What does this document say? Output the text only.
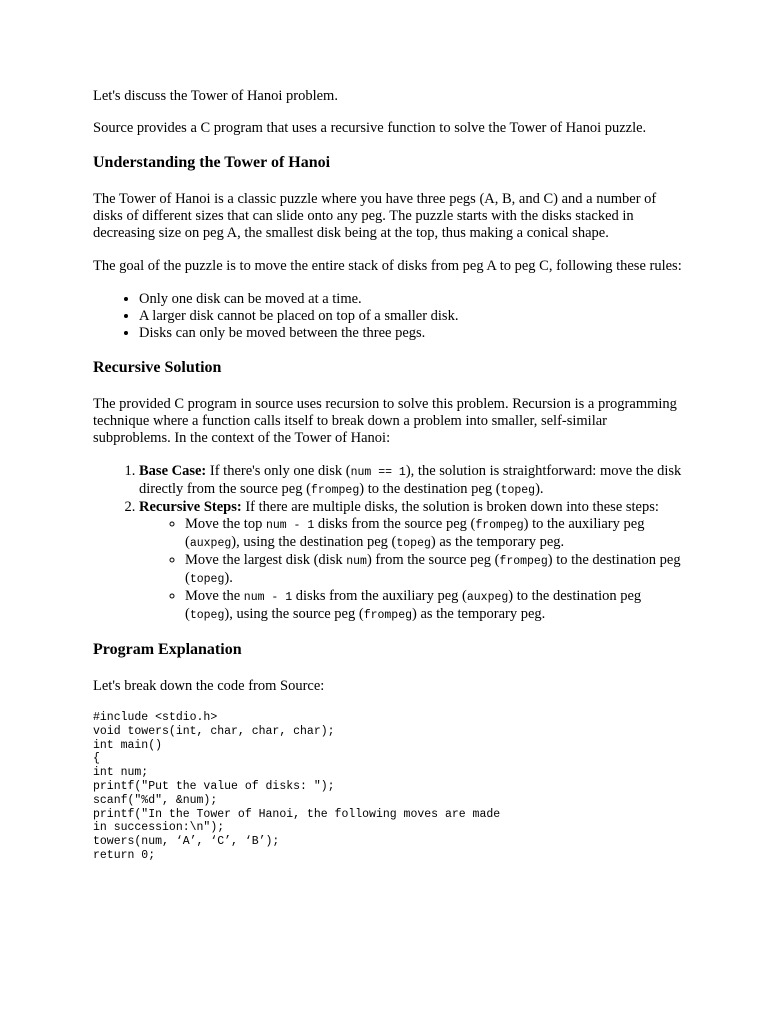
Let's discuss the Tower of Hanoi problem.

Source provides a C program that uses a recursive function to solve the Tower of Hanoi puzzle.

Understanding the Tower of Hanoi

The Tower of Hanoi is a classic puzzle where you have three pegs (A, B, and C) and a number of disks of different sizes that can slide onto any peg. The puzzle starts with the disks stacked in decreasing size on peg A, the smallest disk being at the top, thus making a conical shape.

The goal of the puzzle is to move the entire stack of disks from peg A to peg C, following these rules:

• Only one disk can be moved at a time.
• A larger disk cannot be placed on top of a smaller disk.
• Disks can only be moved between the three pegs.
Recursive Solution

The provided C program in source uses recursion to solve this problem. Recursion is a programming technique where a function calls itself to break down a problem into smaller, self-similar subproblems. In the context of the Tower of Hanoi:

1. Base Case: If there's only one disk (num == 1), the solution is straightforward: move the disk directly from the source peg (frompeg) to the destination peg (topeg).
2. Recursive Steps: If there are multiple disks, the solution is broken down into these steps:
◦ Move the top num - 1 disks from the source peg (frompeg) to the auxiliary peg (auxpeg), using the destination peg (topeg) as the temporary peg.
◦ Move the largest disk (disk num) from the source peg (frompeg) to the destination peg (topeg).
◦ Move the num - 1 disks from the auxiliary peg (auxpeg) to the destination peg (topeg), using the source peg (frompeg) as the temporary peg.
Program Explanation

Let's break down the code from Source:

#include <stdio.h>
void towers(int, char, char, char);
int main()
{
int num;
printf("Put the value of disks: ");
scanf("%d", &num);
printf("In the Tower of Hanoi, the following moves are made
in succession:\n");
towers(num, ‘A’, ‘C’, ‘B’);
return 0;
